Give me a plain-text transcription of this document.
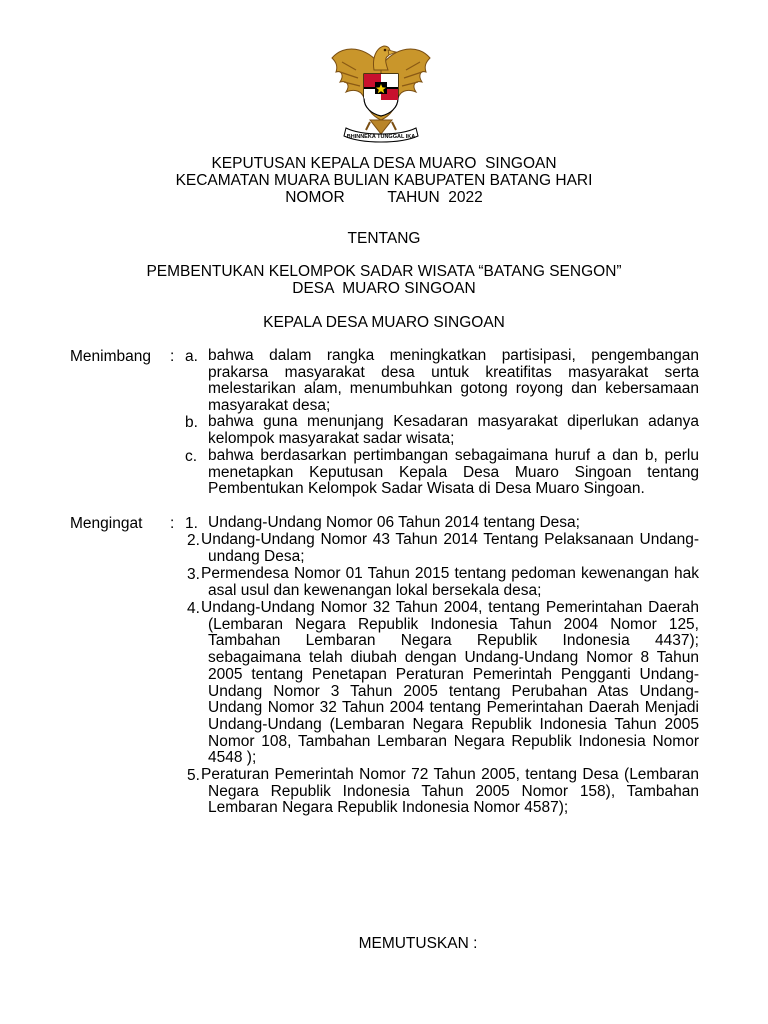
BHINNEKA TUNGGAL IKA
KEPUTUSAN KEPALA DESA MUARO  SINGOAN
KECAMATAN MUARA BULIAN KABUPATEN BATANG HARI
NOMOR          TAHUN  2022
TENTANG
PEMBENTUKAN KELOMPOK SADAR WISATA “BATANG SENGON”
DESA  MUARO SINGOAN
KEPALA DESA MUARO SINGOAN
Menimbang : a. bahwa dalam rangka meningkatkan partisipasi, pengembangan
prakarsa masyarakat desa untuk kreatifitas masyarakat serta
melestarikan alam, menumbuhkan gotong royong dan kebersamaan
masyarakat desa;
b. bahwa guna menunjang Kesadaran masyarakat diperlukan adanya
kelompok masyarakat sadar wisata;
c. bahwa berdasarkan pertimbangan sebagaimana huruf a dan b, perlu
menetapkan Keputusan Kepala Desa Muaro Singoan tentang
Pembentukan Kelompok Sadar Wisata di Desa Muaro Singoan.
Mengingat : 1. Undang-Undang Nomor 06 Tahun 2014 tentang Desa;
2. Undang-Undang Nomor 43 Tahun 2014 Tentang Pelaksanaan Undang-
undang Desa;
3. Permendesa Nomor 01 Tahun 2015 tentang pedoman kewenangan hak
asal usul dan kewenangan lokal bersekala desa;
4. Undang-Undang Nomor 32 Tahun 2004, tentang Pemerintahan Daerah
(Lembaran Negara Republik Indonesia Tahun 2004 Nomor 125,
Tambahan Lembaran Negara Republik Indonesia 4437);
sebagaimana telah diubah dengan Undang-Undang Nomor 8 Tahun
2005 tentang Penetapan Peraturan Pemerintah Pengganti Undang-
Undang Nomor 3 Tahun 2005 tentang Perubahan Atas Undang-
Undang Nomor 32 Tahun 2004 tentang Pemerintahan Daerah Menjadi
Undang-Undang (Lembaran Negara Republik Indonesia Tahun 2005
Nomor 108, Tambahan Lembaran Negara Republik Indonesia Nomor
4548 );
5. Peraturan Pemerintah Nomor 72 Tahun 2005, tentang Desa (Lembaran
Negara Republik Indonesia Tahun 2005 Nomor 158), Tambahan
Lembaran Negara Republik Indonesia Nomor 4587);
MEMUTUSKAN :
